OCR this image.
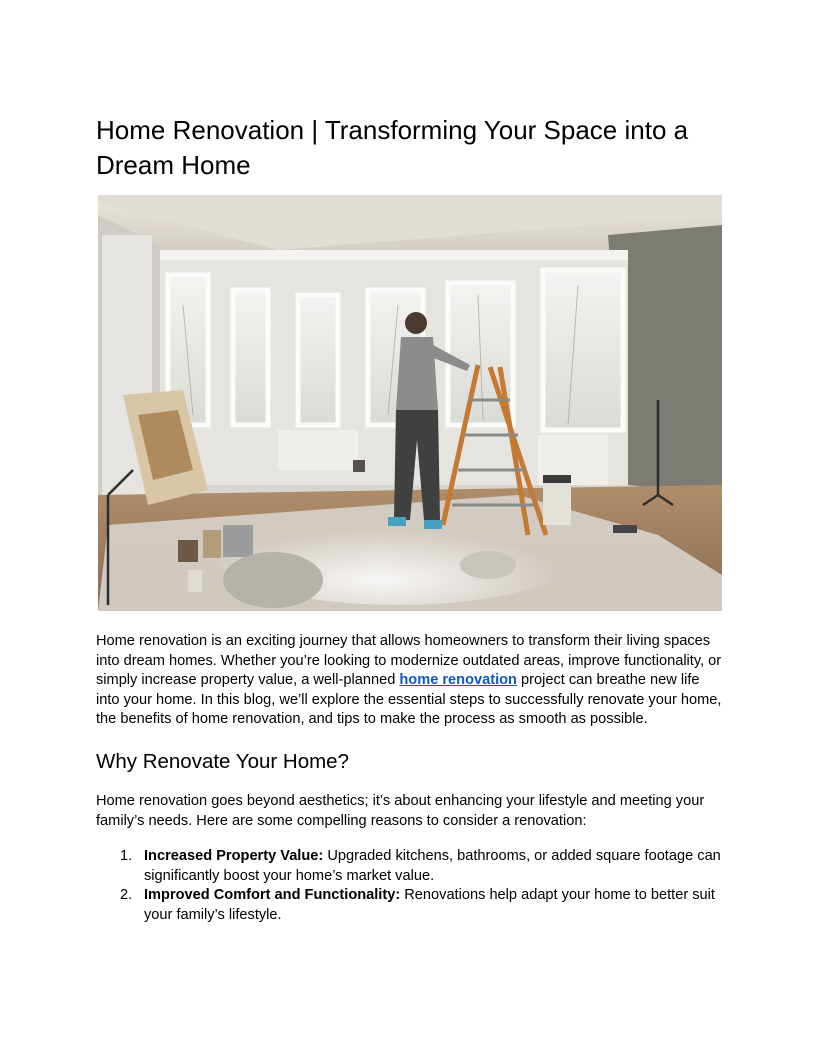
Home Renovation | Transforming Your Space into a Dream Home

Home renovation is an exciting journey that allows homeowners to transform their living spaces into dream homes. Whether you’re looking to modernize outdated areas, improve functionality, or simply increase property value, a well-planned home renovation project can breathe new life into your home. In this blog, we’ll explore the essential steps to successfully renovate your home, the benefits of home renovation, and tips to make the process as smooth as possible.

Why Renovate Your Home?

Home renovation goes beyond aesthetics; it’s about enhancing your lifestyle and meeting your family’s needs. Here are some compelling reasons to consider a renovation:

1. Increased Property Value: Upgraded kitchens, bathrooms, or added square footage can significantly boost your home’s market value.
2. Improved Comfort and Functionality: Renovations help adapt your home to better suit your family’s lifestyle.
